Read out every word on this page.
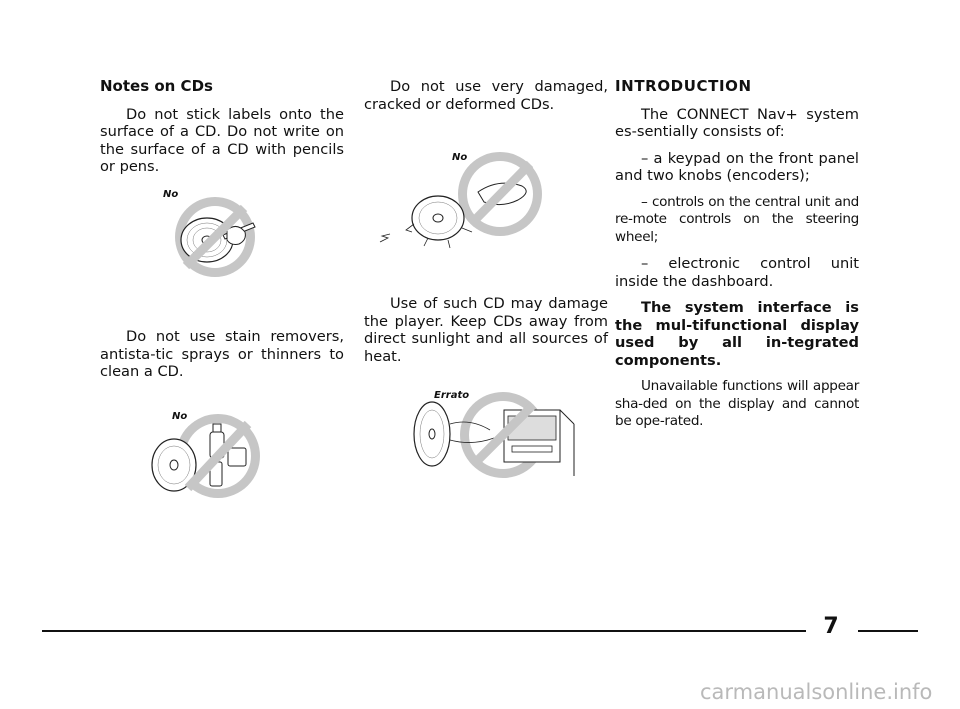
Notes on CDs

Do not stick labels onto the surface of a CD. Do not write on the surface of a CD with pencils or pens.

No

Do not use stain removers, antista-tic sprays or thinners to clean a CD.

No

Do not use very damaged, cracked or deformed CDs.

No

Use of such CD may damage the player. Keep CDs away from direct sunlight and all sources of heat.

Errato
INTRODUCTION

The CONNECT Nav+ system es-sentially consists of:

– a keypad on the front panel and two knobs (encoders);

– controls on the central unit and re-mote controls on the steering wheel;

– electronic control unit inside the dashboard.

The system interface is the mul-tifunctional display used by all in-tegrated components.

Unavailable functions will appear sha-ded on the display and cannot be ope-rated.

7
carmanualsonline.info
